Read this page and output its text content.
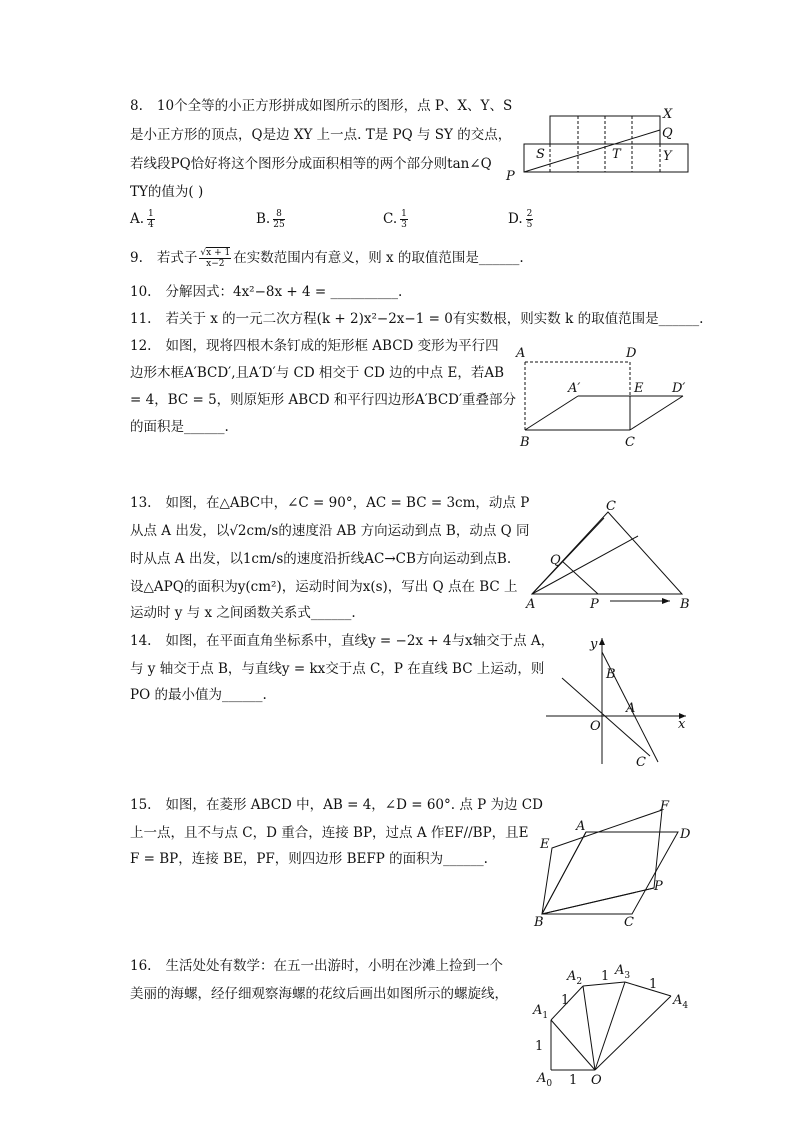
8. 10个全等的小正方形拼成如图所示的图形，点 P、X、Y、S
是小正方形的顶点，Q是边 XY 上一点. T是 PQ 与 SY 的交点，
若线段PQ恰好将这个图形分成面积相等的两个部分则tan∠Q
TY的值为( )
A. $\frac{1}{4}$	B. $\frac{8}{25}$	C. $\frac{1}{3}$	D. $\frac{2}{5}$
X
Q
S	T	Y
P
9. 若式子 $\frac{√x + 1}{x-2}$ 在实数范围内有意义，则 x 的取值范围是______.
10. 分解因式：4x²−8x + 4 = __________.
11. 若关于 x 的一元二次方程(k + 2)x²−2x−1 = 0有实数根，则实数 k 的取值范围是______.
12. 如图，现将四根木条钉成的矩形框 ABCD 变形为平行四
边形木框A′BCD′,且A′D′与 CD 相交于 CD 边的中点 E，若AB
= 4，BC = 5，则原矩形 ABCD 和平行四边形A′BCD′重叠部分
的面积是______.
A	D
A′	E D′
B	C
13. 如图，在△ABC中，∠C = 90°，AC = BC = 3cm，动点 P
从点 A 出发，以√2cm/s的速度沿 AB 方向运动到点 B，动点 Q 同
时从点 A 出发，以1cm/s的速度沿折线AC→CB方向运动到点B.
设△APQ的面积为y(cm²)，运动时间为x(s)，写出 Q 点在 BC 上
运动时 y 与 x 之间函数关系式______.
C
Q
A	P	B
14. 如图，在平面直角坐标系中，直线y = −2x + 4与x轴交于点 A，
与 y 轴交于点 B，与直线y = kx交于点 C，P 在直线 BC 上运动，则
PO 的最小值为______.
y
B
A
O	x
C
15. 如图，在菱形 ABCD 中，AB = 4，∠D = 60°. 点 P 为边 CD
上一点，且不与点 C，D 重合，连接 BP，过点 A 作EF//BP，且E
F = BP，连接 BE，PF，则四边形 BEFP 的面积为______.
F
A
D
E
P
B	C
16. 生活处处有数学：在五一出游时，小明在沙滩上捡到一个
美丽的海螺，经仔细观察海螺的花纹后画出如图所示的螺旋线，
$A_0$
$A_1$
$A_2$
$A_3$
$A_4$
O
1
1
1
1
1
